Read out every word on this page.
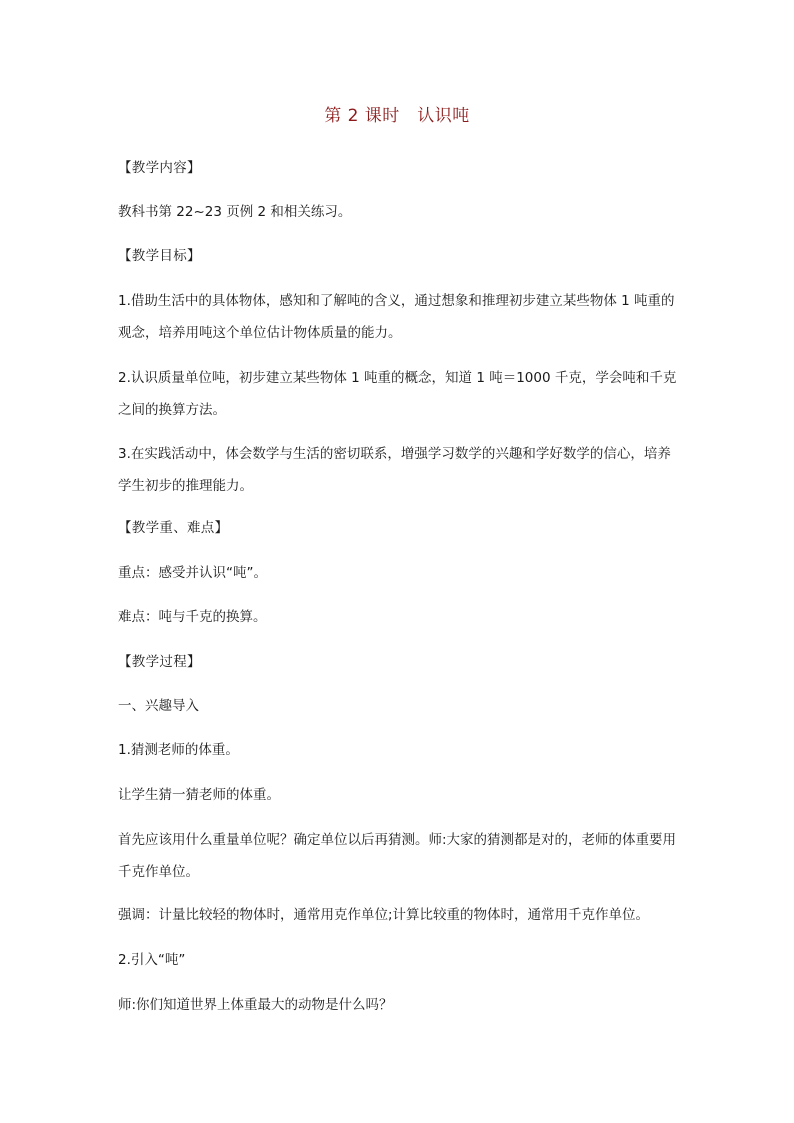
第 2 课时　认识吨

【教学内容】

教科书第 22~23 页例 2 和相关练习。

【教学目标】

1.借助生活中的具体物体，感知和了解吨的含义，通过想象和推理初步建立某些物体 1 吨重的观念，培养用吨这个单位估计物体质量的能力。

2.认识质量单位吨，初步建立某些物体 1 吨重的概念，知道 1 吨＝1000 千克，学会吨和千克之间的换算方法。

3.在实践活动中，体会数学与生活的密切联系，增强学习数学的兴趣和学好数学的信心，培养学生初步的推理能力。

【教学重、难点】

重点：感受并认识“吨”。

难点：吨与千克的换算。

【教学过程】

一、兴趣导入

1.猜测老师的体重。

让学生猜一猜老师的体重。

首先应该用什么重量单位呢？确定单位以后再猜测。师:大家的猜测都是对的，老师的体重要用千克作单位。

强调：计量比较轻的物体时，通常用克作单位;计算比较重的物体时，通常用千克作单位。

2.引入“吨”

师:你们知道世界上体重最大的动物是什么吗？
